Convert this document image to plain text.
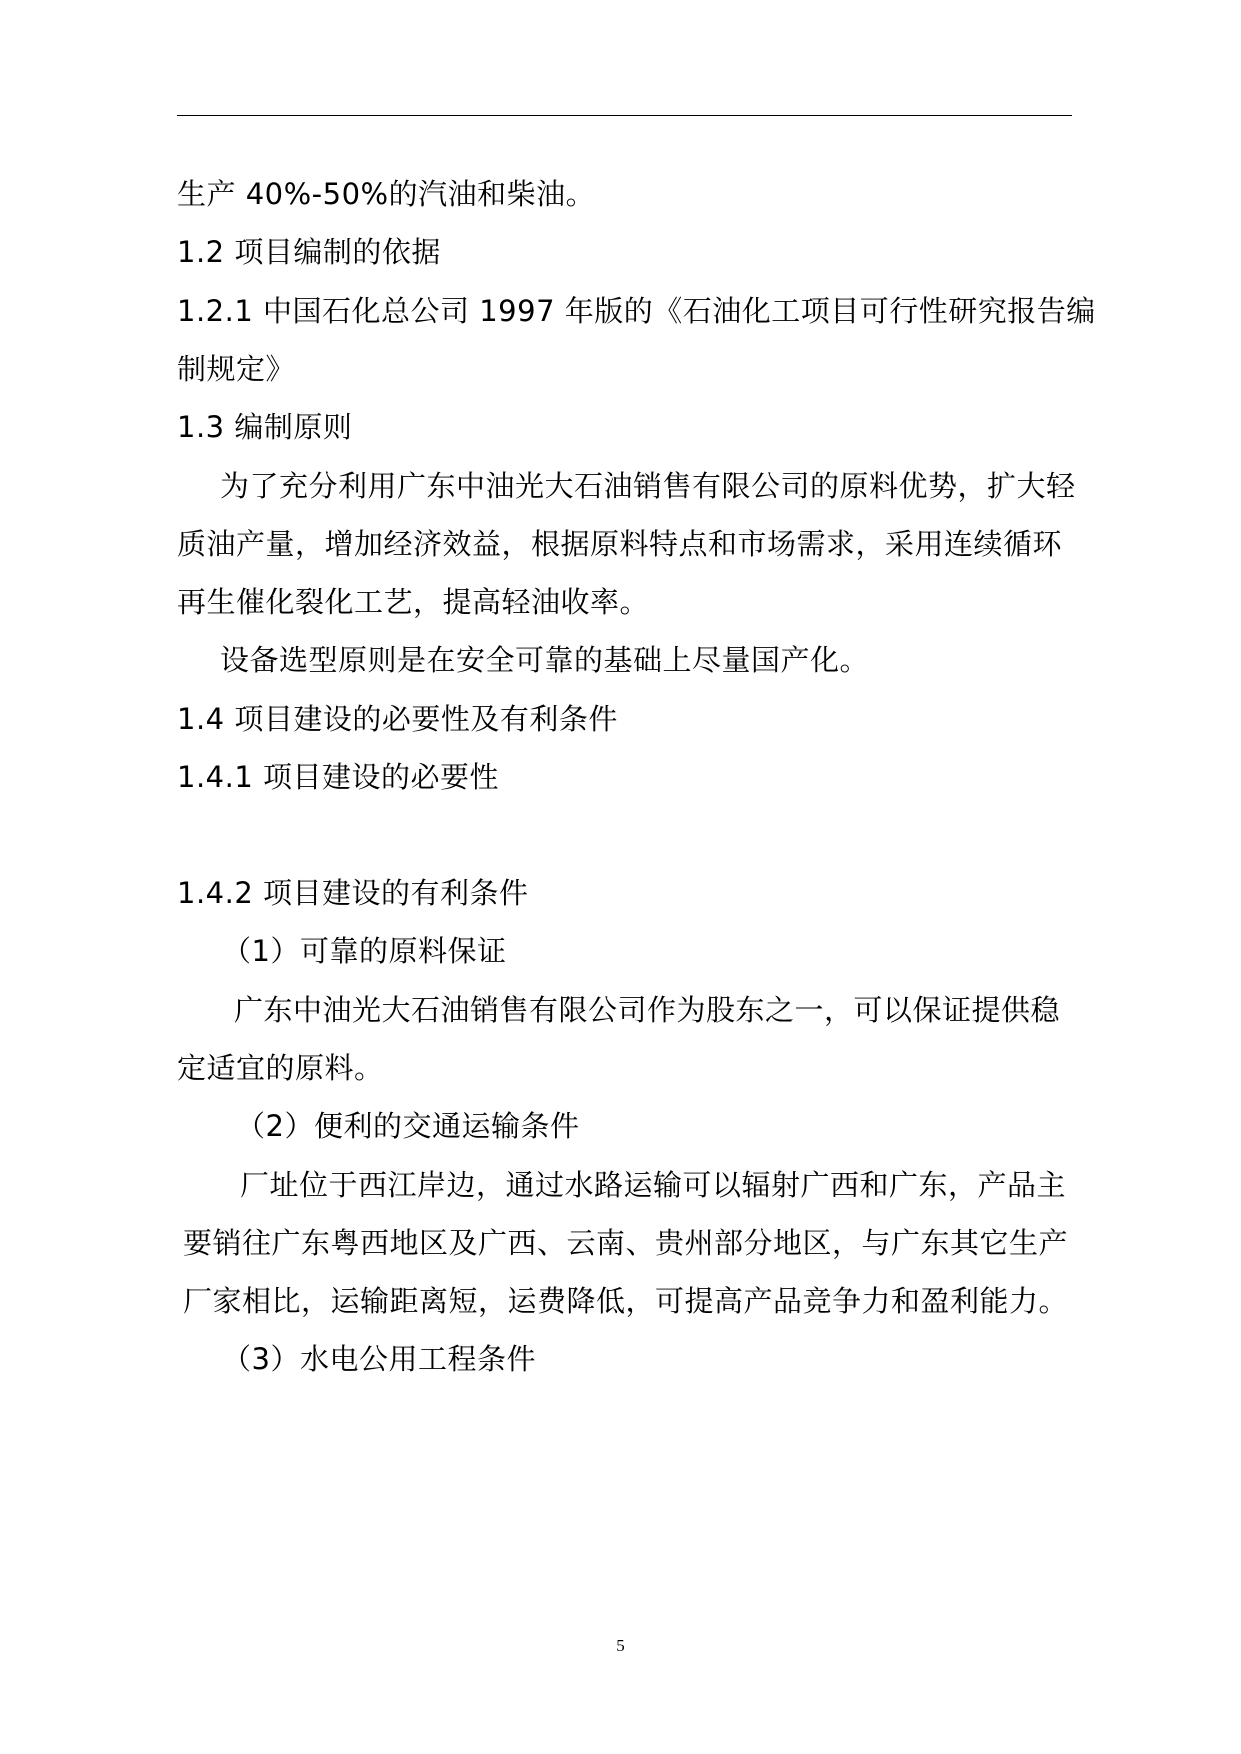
生产 40%-50%的汽油和柴油。
1.2 项目编制的依据
1.2.1 中国石化总公司 1997 年版的《石油化工项目可行性研究报告编
制规定》
1.3 编制原则
为了充分利用广东中油光大石油销售有限公司的原料优势，扩大轻
质油产量，增加经济效益，根据原料特点和市场需求，采用连续循环
再生催化裂化工艺，提高轻油收率。
设备选型原则是在安全可靠的基础上尽量国产化。
1.4 项目建设的必要性及有利条件
1.4.1 项目建设的必要性
1.4.2 项目建设的有利条件
（1）可靠的原料保证
广东中油光大石油销售有限公司作为股东之一，可以保证提供稳
定适宜的原料。
（2）便利的交通运输条件
厂址位于西江岸边，通过水路运输可以辐射广西和广东，产品主
要销往广东粤西地区及广西、云南、贵州部分地区，与广东其它生产
厂家相比，运输距离短，运费降低，可提高产品竞争力和盈利能力。
（3）水电公用工程条件
5
